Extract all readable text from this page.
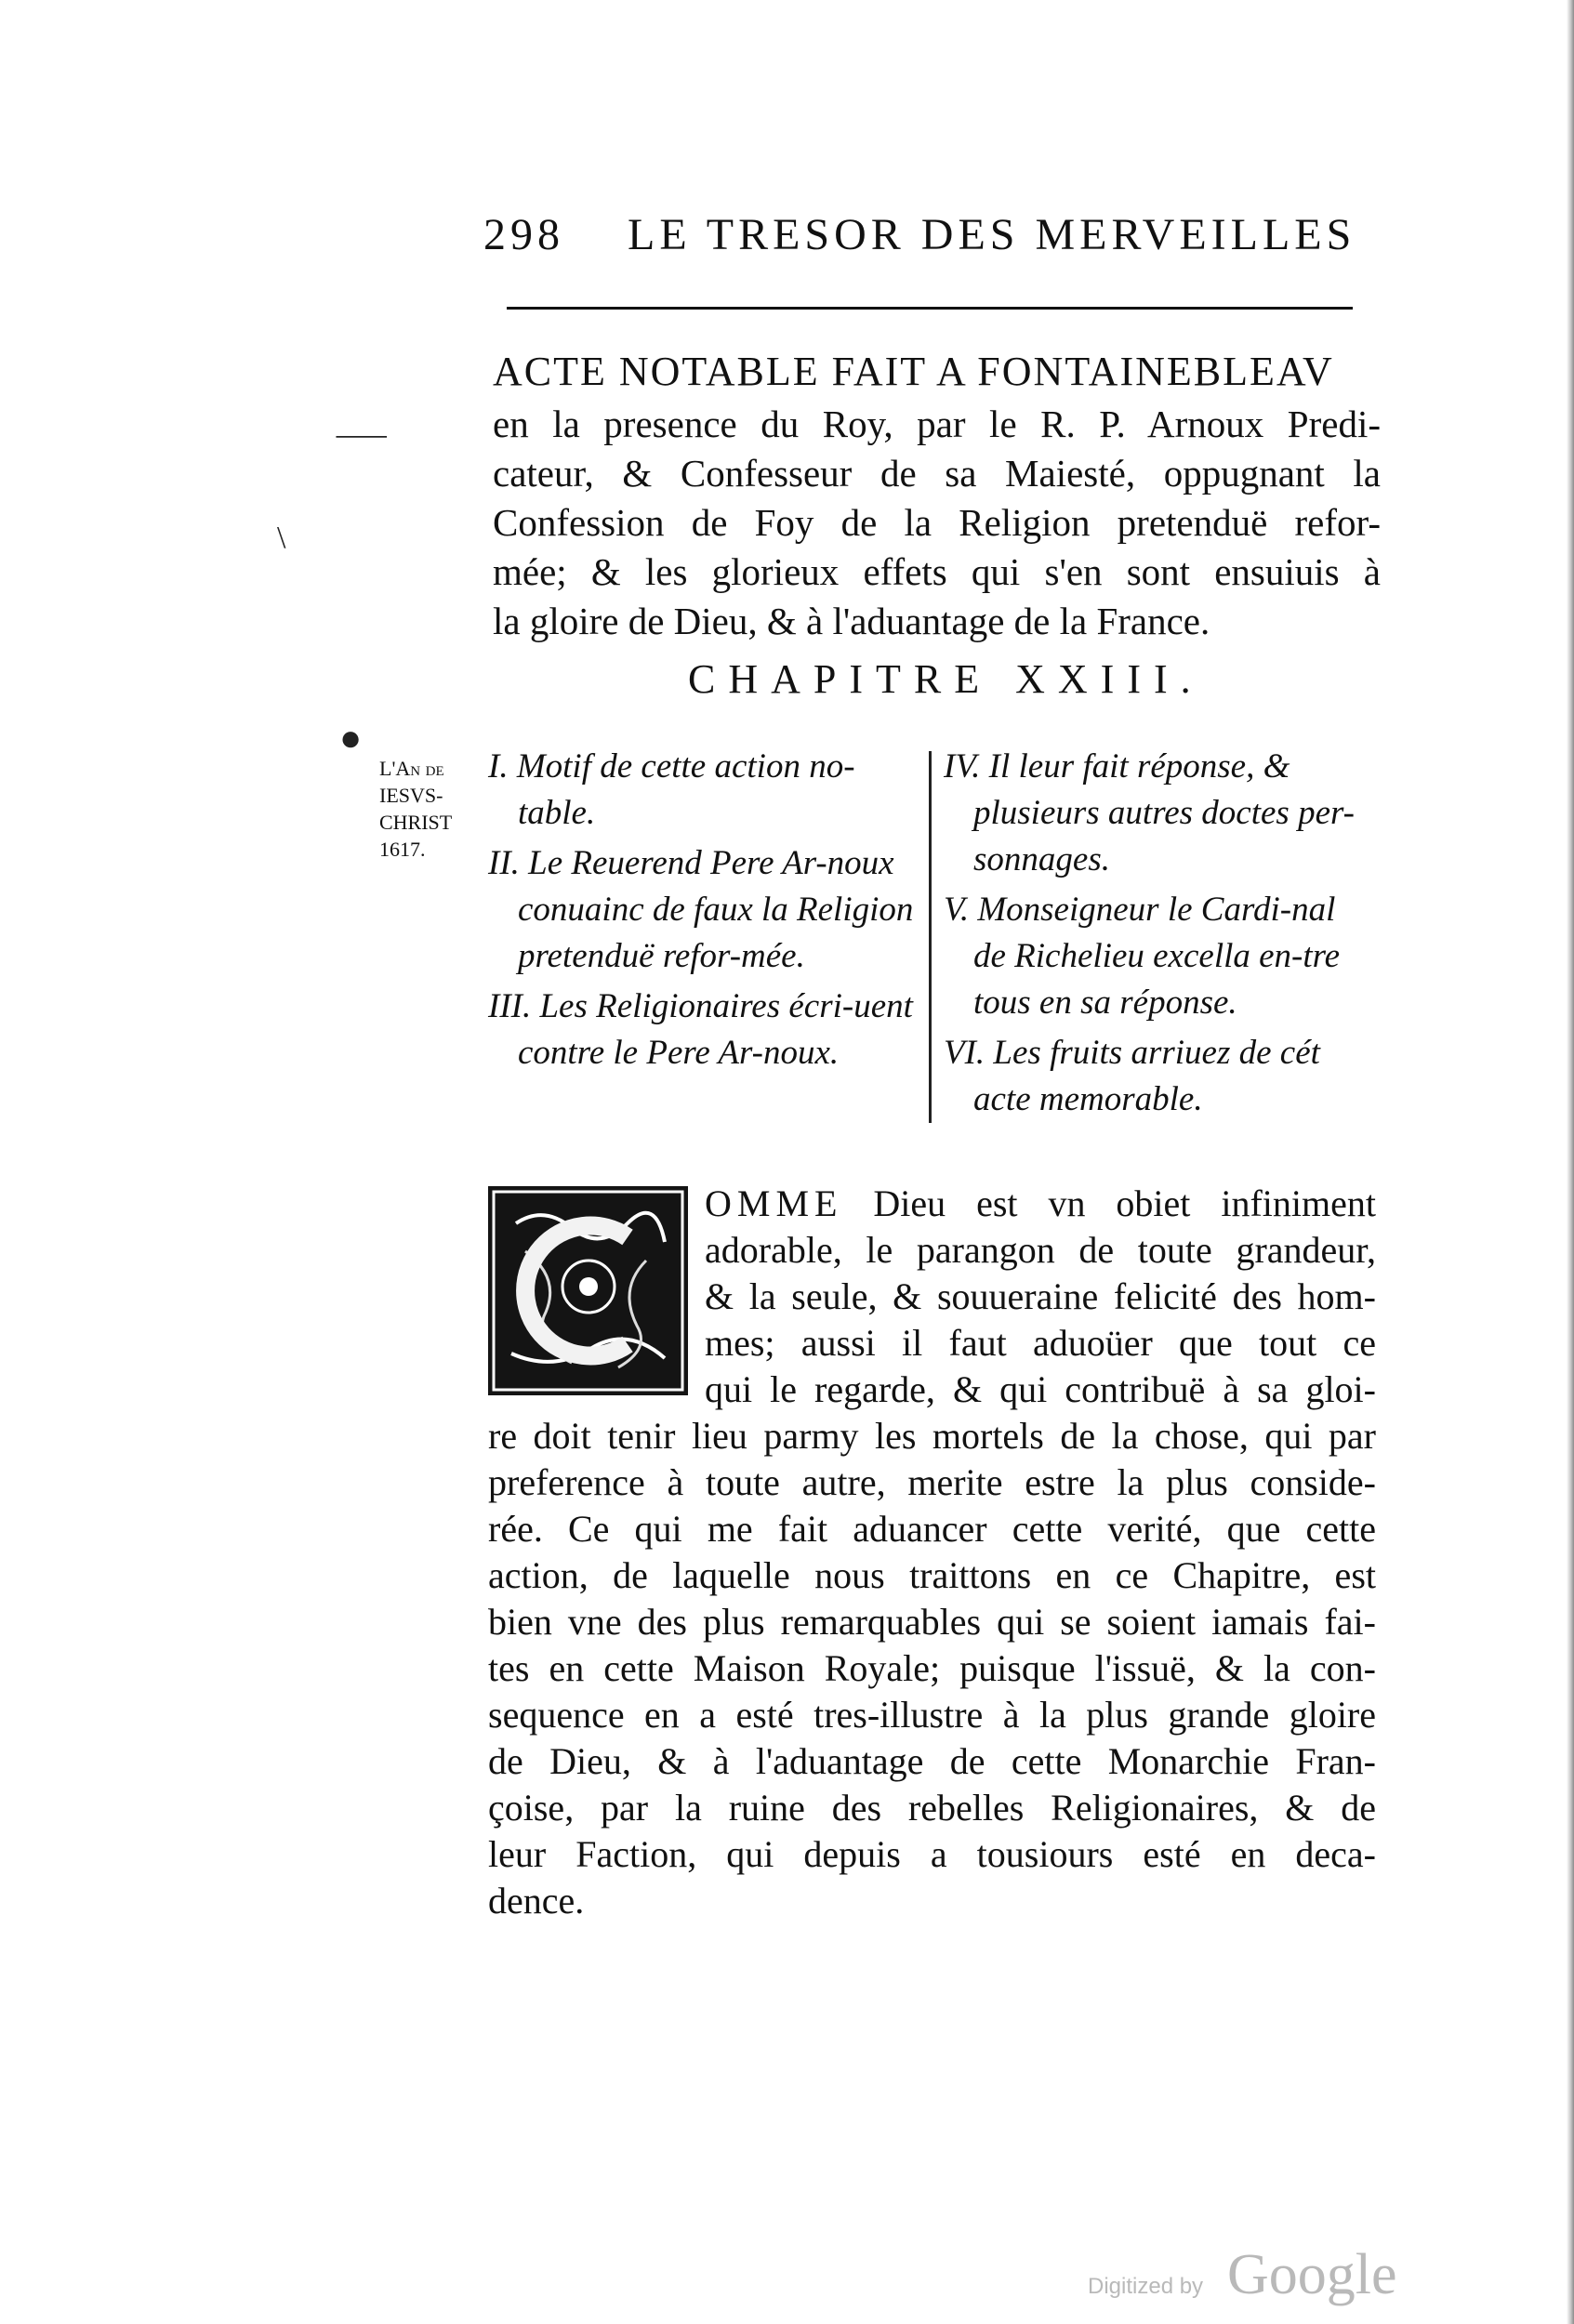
298 LE TRESOR DES MERVEILLES
ACTE NOTABLE FAIT A FONTAINEBLEAV
en la presence du Roy, par le R. P. Arnoux Predi-
cateur, & Confesseur de sa Maiesté, oppugnant la
Confession de Foy de la Religion pretenduë refor-
mée; & les glorieux effets qui s'en sont ensuiuis à
la gloire de Dieu, & à l'aduantage de la France.
CHAPITRE XXIII.
L'An de
IESVS-
CHRIST
1617.

I. Motif de cette action no-table.

II. Le Reuerend Pere Ar-noux conuainc de faux la Religion pretenduë refor-mée.

III. Les Religionaires écri-uent contre le Pere Ar-noux.

IV. Il leur fait réponse, & plusieurs autres doctes per-sonnages.

V. Monseigneur le Cardi-nal de Richelieu excella en-tre tous en sa réponse.

VI. Les fruits arriuez de cét acte memorable.

OMME Dieu est vn obiet infiniment
adorable, le parangon de toute grandeur,
& la seule, & souueraine felicité des hom-
mes; aussi il faut aduoüer que tout ce
qui le regarde, & qui contribuë à sa gloi-
re doit tenir lieu parmy les mortels de la chose, qui par
preference à toute autre, merite estre la plus conside-
rée. Ce qui me fait aduancer cette verité, que cette
action, de laquelle nous traittons en ce Chapitre, est
bien vne des plus remarquables qui se soient iamais fai-
tes en cette Maison Royale; puisque l'issuë, & la con-
sequence en a esté tres-illustre à la plus grande gloire
de Dieu, & à l'aduantage de cette Monarchie Fran-
çoise, par la ruine des rebelles Religionaires, & de
leur Faction, qui depuis a tousiours esté en deca-
dence.
⸺
\
●
Digitized by Google
